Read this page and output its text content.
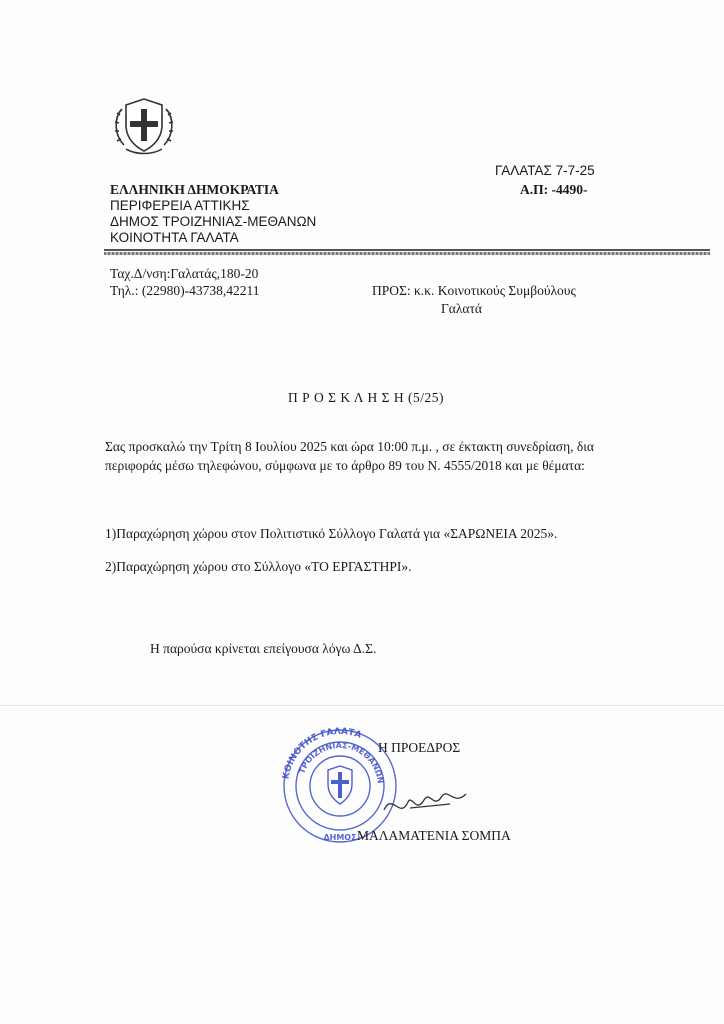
ΓΑΛΑΤΑΣ 7-7-25
Α.Π: -4490-
ΕΛΛΗΝΙΚΗ ΔΗΜΟΚΡΑΤΙΑ
ΠΕΡΙΦΕΡΕΙΑ ΑΤΤΙΚΗΣ
ΔΗΜΟΣ ΤΡΟΙΖΗΝΙΑΣ-ΜΕΘΑΝΩΝ
ΚΟΙΝΟΤΗΤΑ ΓΑΛΑΤΑ
Ταχ.Δ/νση:Γαλατάς,180-20
Τηλ.: (22980)-43738,42211	ΠΡΟΣ: κ.κ. Κοινοτικούς Συμβούλους
Γαλατά
Π Ρ Ο Σ Κ Λ Η Σ Η (5/25)
Σας προσκαλώ την Τρίτη 8 Ιουλίου 2025 και ώρα 10:00 π.μ. , σε έκτακτη συνεδρίαση, δια περιφοράς μέσω τηλεφώνου, σύμφωνα με το άρθρο 89 του Ν. 4555/2018 και με θέματα:
1)Παραχώρηση χώρου στον Πολιτιστικό Σύλλογο Γαλατά για «ΣΑΡΩΝΕΙΑ 2025».
2)Παραχώρηση χώρου στο Σύλλογο «ΤΟ ΕΡΓΑΣΤΗΡΙ».
Η παρούσα κρίνεται επείγουσα λόγω Δ.Σ.
ΚΟΙΝΟΤΗΣ ΓΑΛΑΤΑ
ΤΡΟΙΖΗΝΙΑΣ-ΜΕΘΑΝΩΝ
ΔΗΜΟΣ
Η ΠΡΟΕΔΡΟΣ
ΜΑΛΑΜΑΤΕΝΙΑ ΣΟΜΠΑ
